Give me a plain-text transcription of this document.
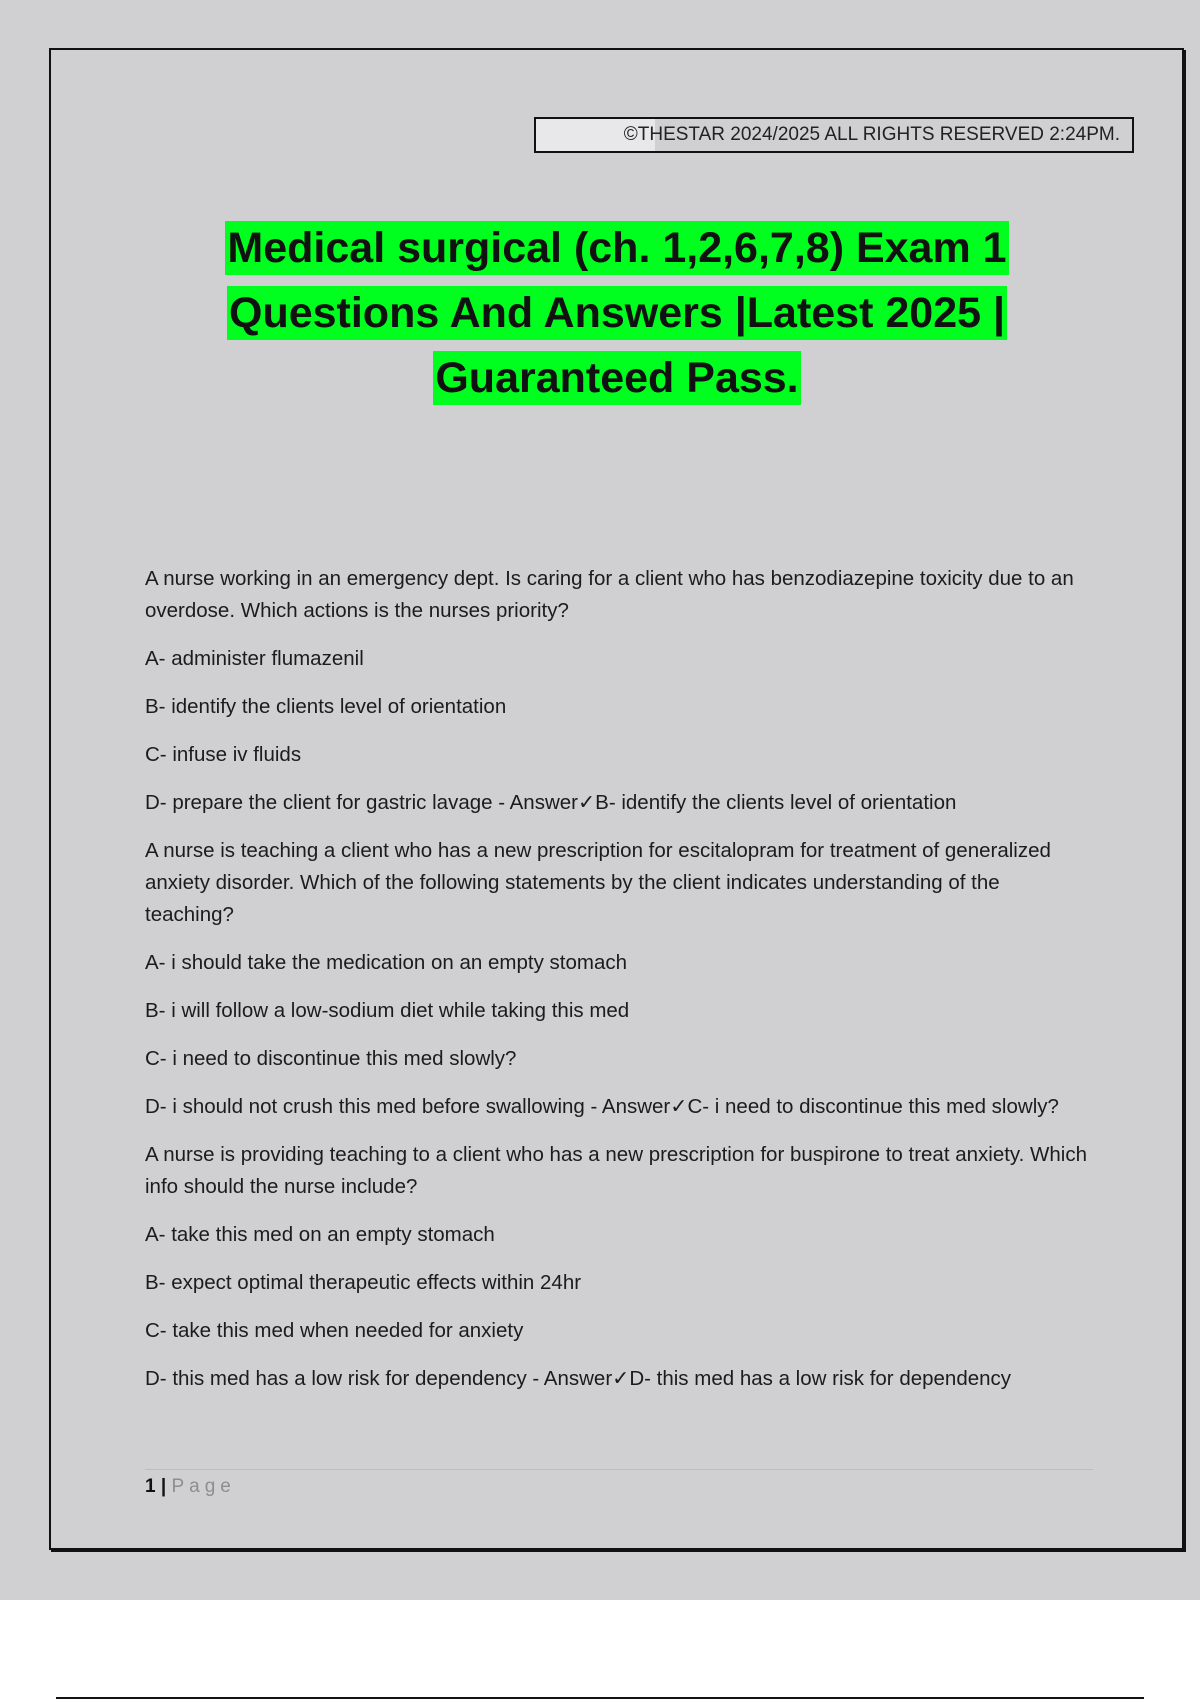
©THESTAR 2024/2025 ALL RIGHTS RESERVED 2:24PM.
Medical surgical (ch. 1,2,6,7,8) Exam 1
Questions And Answers |Latest 2025 |
Guaranteed Pass.

A nurse working in an emergency dept. Is caring for a client who has benzodiazepine toxicity due to an overdose. Which actions is the nurses priority?

A- administer flumazenil

B- identify the clients level of orientation

C- infuse iv fluids

D- prepare the client for gastric lavage - Answer✓B- identify the clients level of orientation

A nurse is teaching a client who has a new prescription for escitalopram for treatment of generalized anxiety disorder. Which of the following statements by the client indicates understanding of the teaching?

A- i should take the medication on an empty stomach

B- i will follow a low-sodium diet while taking this med

C- i need to discontinue this med slowly?

D- i should not crush this med before swallowing - Answer✓C- i need to discontinue this med slowly?

A nurse is providing teaching to a client who has a new prescription for buspirone to treat anxiety. Which info should the nurse include?

A- take this med on an empty stomach

B- expect optimal therapeutic effects within 24hr

C- take this med when needed for anxiety

D- this med has a low risk for dependency - Answer✓D- this med has a low risk for dependency

1 | Page
